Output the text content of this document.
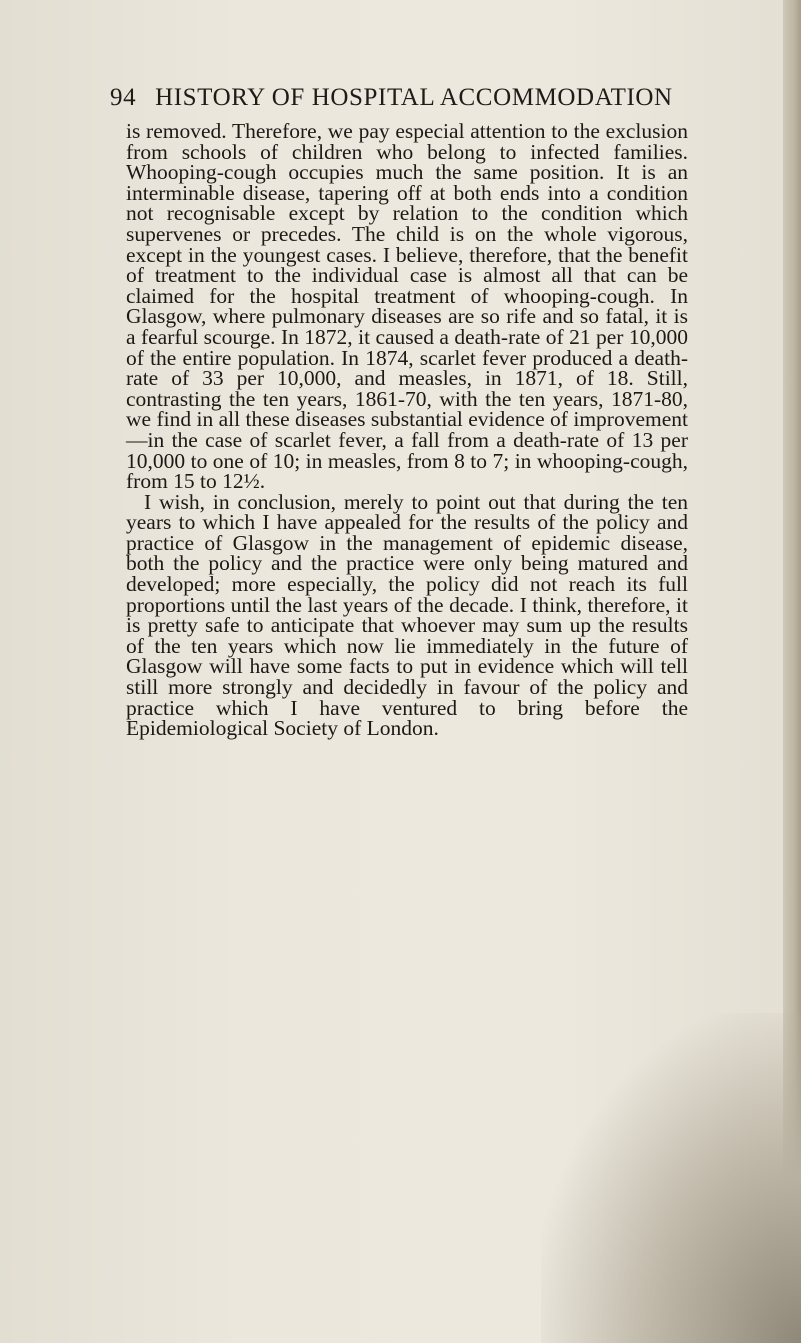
94 HISTORY OF HOSPITAL ACCOMMODATION

is removed. Therefore, we pay especial attention to the exclusion from schools of children who belong to infected families. Whooping-cough occupies much the same position. It is an interminable disease, tapering off at both ends into a condition not recognisable except by relation to the condition which supervenes or precedes. The child is on the whole vigorous, except in the youngest cases. I believe, therefore, that the benefit of treatment to the individual case is almost all that can be claimed for the hospital treatment of whooping-cough. In Glasgow, where pulmonary diseases are so rife and so fatal, it is a fearful scourge. In 1872, it caused a death-rate of 21 per 10,000 of the entire population. In 1874, scarlet fever produced a death-rate of 33 per 10,000, and measles, in 1871, of 18. Still, contrasting the ten years, 1861-70, with the ten years, 1871-80, we find in all these diseases substantial evidence of improvement—in the case of scarlet fever, a fall from a death-rate of 13 per 10,000 to one of 10; in measles, from 8 to 7; in whooping-cough, from 15 to 12½.

I wish, in conclusion, merely to point out that during the ten years to which I have appealed for the results of the policy and practice of Glasgow in the management of epidemic disease, both the policy and the practice were only being matured and developed; more especially, the policy did not reach its full proportions until the last years of the decade. I think, therefore, it is pretty safe to anticipate that whoever may sum up the results of the ten years which now lie immediately in the future of Glasgow will have some facts to put in evidence which will tell still more strongly and decidedly in favour of the policy and practice which I have ventured to bring before the Epidemiological Society of London.
